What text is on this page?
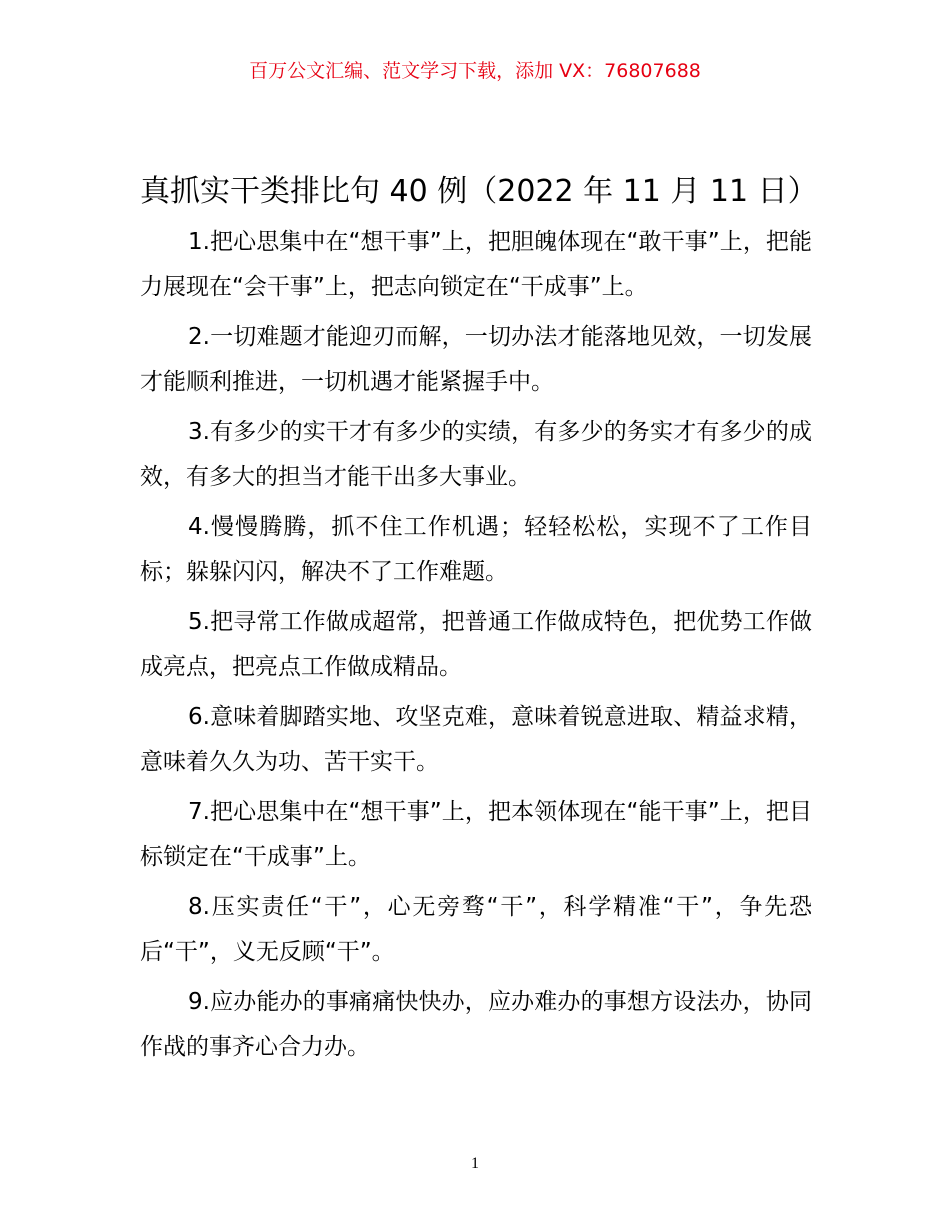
百万公文汇编、范文学习下载，添加 VX：76807688
真抓实干类排比句 40 例（2022 年 11 月 11 日）

1.把心思集中在“想干事”上，把胆魄体现在“敢干事”上，把能力展现在“会干事”上，把志向锁定在“干成事”上。

2.一切难题才能迎刃而解，一切办法才能落地见效，一切发展才能顺利推进，一切机遇才能紧握手中。

3.有多少的实干才有多少的实绩，有多少的务实才有多少的成效，有多大的担当才能干出多大事业。

4.慢慢腾腾，抓不住工作机遇；轻轻松松，实现不了工作目标；躲躲闪闪，解决不了工作难题。

5.把寻常工作做成超常，把普通工作做成特色，把优势工作做成亮点，把亮点工作做成精品。

6.意味着脚踏实地、攻坚克难，意味着锐意进取、精益求精，意味着久久为功、苦干实干。

7.把心思集中在“想干事”上，把本领体现在“能干事”上，把目标锁定在“干成事”上。

8.压实责任“干”，心无旁骛“干”，科学精准“干”，争先恐后“干”，义无反顾“干”。

9.应办能办的事痛痛快快办，应办难办的事想方设法办，协同作战的事齐心合力办。

1
